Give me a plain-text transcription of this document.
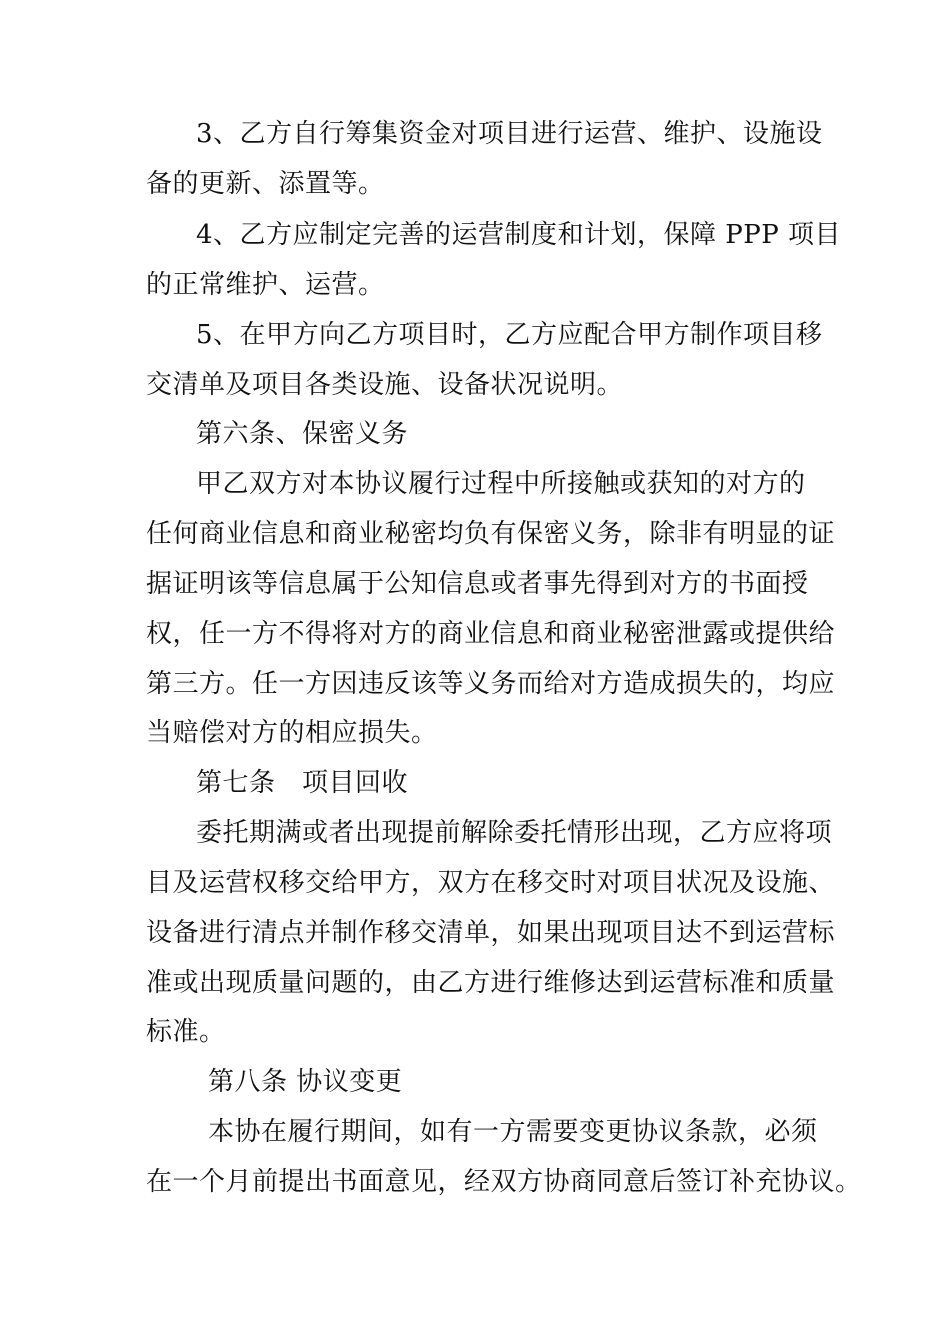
3、乙方自行筹集资金对项目进行运营、维护、设施设
备的更新、添置等。
4、乙方应制定完善的运营制度和计划，保障 PPP 项目
的正常维护、运营。
5、在甲方向乙方项目时，乙方应配合甲方制作项目移
交清单及项目各类设施、设备状况说明。
第六条、保密义务
甲乙双方对本协议履行过程中所接触或获知的对方的
任何商业信息和商业秘密均负有保密义务，除非有明显的证
据证明该等信息属于公知信息或者事先得到对方的书面授
权，任一方不得将对方的商业信息和商业秘密泄露或提供给
第三方。任一方因违反该等义务而给对方造成损失的，均应
当赔偿对方的相应损失。
第七条　项目回收
委托期满或者出现提前解除委托情形出现，乙方应将项
目及运营权移交给甲方，双方在移交时对项目状况及设施、
设备进行清点并制作移交清单，如果出现项目达不到运营标
准或出现质量问题的，由乙方进行维修达到运营标准和质量
标准。
第八条 协议变更
本协在履行期间，如有一方需要变更协议条款，必须
在一个月前提出书面意见，经双方协商同意后签订补充协议。
